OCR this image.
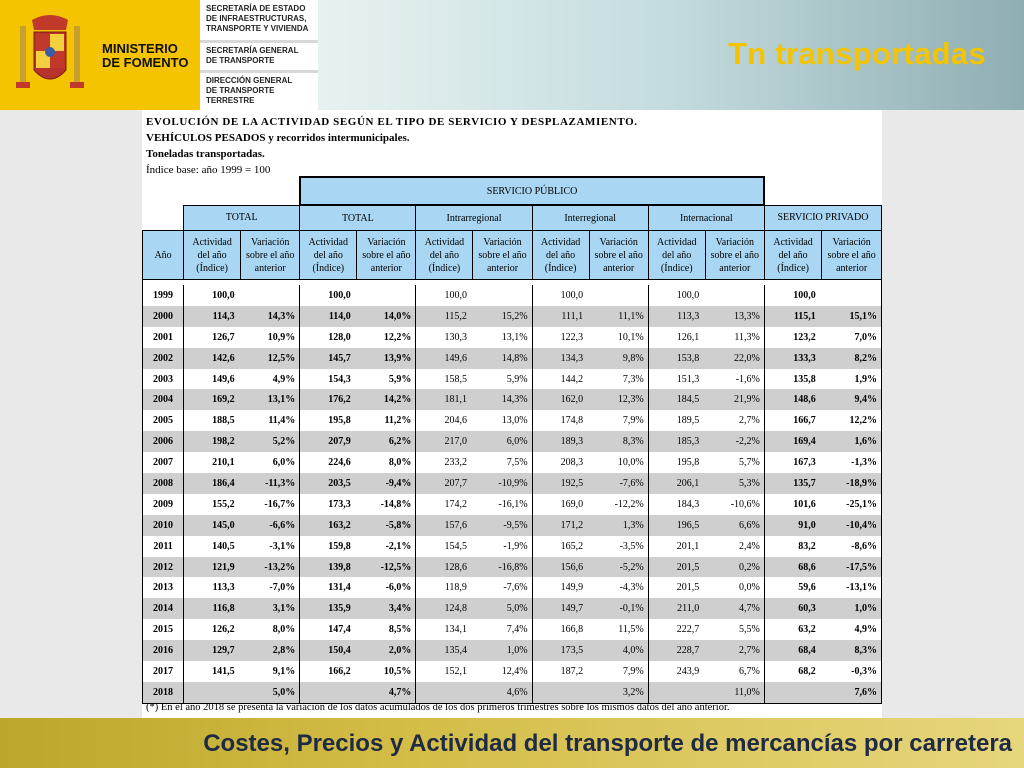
MINISTERIO
DE FOMENTO
SECRETARÍA DE ESTADO
DE INFRAESTRUCTURAS,
TRANSPORTE Y VIVIENDA
SECRETARÍA GENERAL
DE TRANSPORTE
DIRECCIÓN GENERAL
DE TRANSPORTE
TERRESTRE
Tn transportadas
EVOLUCIÓN DE LA ACTIVIDAD SEGÚN EL TIPO DE SERVICIO Y DESPLAZAMIENTO.
VEHÍCULOS PESADOS y recorridos intermunicipales.
Toneladas transportadas.
Índice base: año 1999 = 100
			SERVICIO PÚBLICO									
	TOTAL		TOTAL		Intrarregional		Interregional		Internacional		SERVICIO PRIVADO	
Año	Actividad del año (Índice)	Variación sobre el año anterior	Actividad del año (Índice)	Variación sobre el año anterior	Actividad del año (Índice)	Variación sobre el año anterior	Actividad del año (Índice)	Variación sobre el año anterior	Actividad del año (Índice)	Variación sobre el año anterior	Actividad del año (Índice)	Variación sobre el año anterior

1999	100,0		100,0		100,0		100,0		100,0		100,0	
2000	114,3	14,3%	114,0	14,0%	115,2	15,2%	111,1	11,1%	113,3	13,3%	115,1	15,1%
2001	126,7	10,9%	128,0	12,2%	130,3	13,1%	122,3	10,1%	126,1	11,3%	123,2	7,0%
2002	142,6	12,5%	145,7	13,9%	149,6	14,8%	134,3	9,8%	153,8	22,0%	133,3	8,2%
2003	149,6	4,9%	154,3	5,9%	158,5	5,9%	144,2	7,3%	151,3	-1,6%	135,8	1,9%
2004	169,2	13,1%	176,2	14,2%	181,1	14,3%	162,0	12,3%	184,5	21,9%	148,6	9,4%
2005	188,5	11,4%	195,8	11,2%	204,6	13,0%	174,8	7,9%	189,5	2,7%	166,7	12,2%
2006	198,2	5,2%	207,9	6,2%	217,0	6,0%	189,3	8,3%	185,3	-2,2%	169,4	1,6%
2007	210,1	6,0%	224,6	8,0%	233,2	7,5%	208,3	10,0%	195,8	5,7%	167,3	-1,3%
2008	186,4	-11,3%	203,5	-9,4%	207,7	-10,9%	192,5	-7,6%	206,1	5,3%	135,7	-18,9%
2009	155,2	-16,7%	173,3	-14,8%	174,2	-16,1%	169,0	-12,2%	184,3	-10,6%	101,6	-25,1%
2010	145,0	-6,6%	163,2	-5,8%	157,6	-9,5%	171,2	1,3%	196,5	6,6%	91,0	-10,4%
2011	140,5	-3,1%	159,8	-2,1%	154,5	-1,9%	165,2	-3,5%	201,1	2,4%	83,2	-8,6%
2012	121,9	-13,2%	139,8	-12,5%	128,6	-16,8%	156,6	-5,2%	201,5	0,2%	68,6	-17,5%
2013	113,3	-7,0%	131,4	-6,0%	118,9	-7,6%	149,9	-4,3%	201,5	0,0%	59,6	-13,1%
2014	116,8	3,1%	135,9	3,4%	124,8	5,0%	149,7	-0,1%	211,0	4,7%	60,3	1,0%
2015	126,2	8,0%	147,4	8,5%	134,1	7,4%	166,8	11,5%	222,7	5,5%	63,2	4,9%
2016	129,7	2,8%	150,4	2,0%	135,4	1,0%	173,5	4,0%	228,7	2,7%	68,4	8,3%
2017	141,5	9,1%	166,2	10,5%	152,1	12,4%	187,2	7,9%	243,9	6,7%	68,2	-0,3%
2018		5,0%		4,7%		4,6%		3,2%		11,0%		7,6%
(*) En el año 2018 se presenta la variación de los datos acumulados de los dos primeros trimestres sobre los mismos datos del año anterior.
Costes, Precios y Actividad del transporte de mercancías por carretera
